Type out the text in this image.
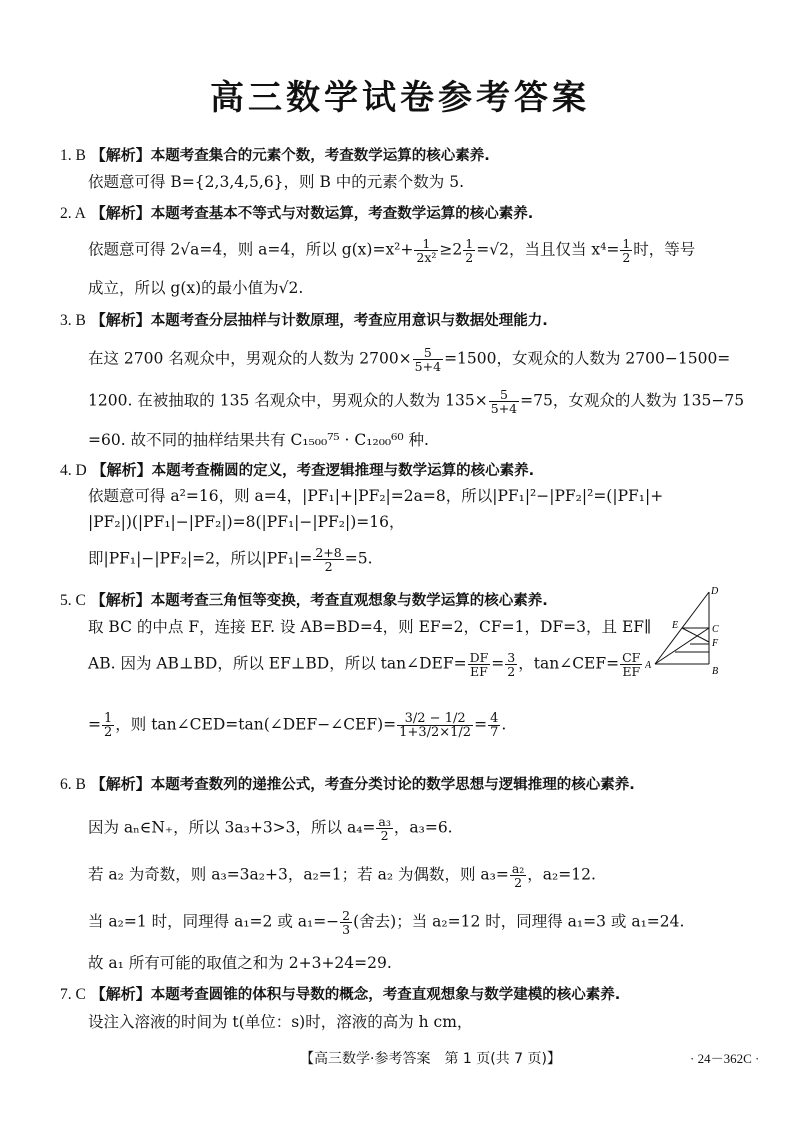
高三数学试卷参考答案
1. B 【解析】本题考查集合的元素个数，考查数学运算的核心素养.
依题意可得 B={2,3,4,5,6}，则 B 中的元素个数为 5.
2. A 【解析】本题考查基本不等式与对数运算，考查数学运算的核心素养.
依题意可得 2√a=4，则 a=4，所以 $g(x)=x^2+ \frac{1}{\text{2x²}} \ge 2 \frac{1}{2} =√2$，当且仅当 $x^4= \frac{1}{2}$ 时，等号
成立，所以 g(x)的最小值为√2.
3. B 【解析】本题考查分层抽样与计数原理，考查应用意识与数据处理能力.
在这 2700 名观众中，男观众的人数为 $2700\times \frac{5}{5+4} =1500$，女观众的人数为 2700−1500=
1200. 在被抽取的 135 名观众中，男观众的人数为 $135\times \frac{5}{5+4} =75$，女观众的人数为 135−75
=60. 故不同的抽样结果共有 C₁₅₀₀⁷⁵ · C₁₂₀₀⁶⁰ 种.
4. D 【解析】本题考查椭圆的定义，考查逻辑推理与数学运算的核心素养.
依题意可得 a²=16，则 a=4，|PF₁|+|PF₂|=2a=8，所以|PF₁|²−|PF₂|²=(|PF₁|+
|PF₂|)(|PF₁|−|PF₂|)=8(|PF₁|−|PF₂|)=16，
即|PF₁|−|PF₂|=2，所以$|PF_1|= \frac{2+8}{2} =5$.
5. C 【解析】本题考查三角恒等变换，考查直观想象与数学运算的核心素养.
取 BC 的中点 F，连接 EF. 设 AB=BD=4，则 EF=2，CF=1，DF=3，且 EF∥
AB. 因为 AB⊥BD，所以 EF⊥BD，所以 tan∠DEF= $\frac{DF}{EF} = \frac{3}{2}$ ，tan∠CEF= $\frac{CF}{EF}$
= $\frac{1}{2}$ ，则 tan∠CED=tan(∠DEF−∠CEF)= $\frac{3/2 - 1/2}{1+3/2\times 1/2} = \frac{4}{7}$ .
D
C
E
F
A
B
6. B 【解析】本题考查数列的递推公式，考查分类讨论的数学思想与逻辑推理的核心素养.
因为 aₙ∈N₊，所以 3a₃+3>3，所以 $a_4= \frac{\text{a₃}}{2}$ ，a₃=6.
若 a₂ 为奇数，则 a₃=3a₂+3，a₂=1；若 a₂ 为偶数，则 $a_3= \frac{\text{a₂}}{2}$ ，a₂=12.
当 a₂=1 时，同理得 a₁=2 或 $a_1=- \frac{2}{3}$ (舍去)；当 a₂=12 时，同理得 a₁=3 或 a₁=24.
故 a₁ 所有可能的取值之和为 2+3+24=29.
7. C 【解析】本题考查圆锥的体积与导数的概念，考查直观想象与数学建模的核心素养.
设注入溶液的时间为 t(单位：s)时，溶液的高为 h cm，
【高三数学·参考答案　第 1 页(共 7 页)】	· 24－362C ·
